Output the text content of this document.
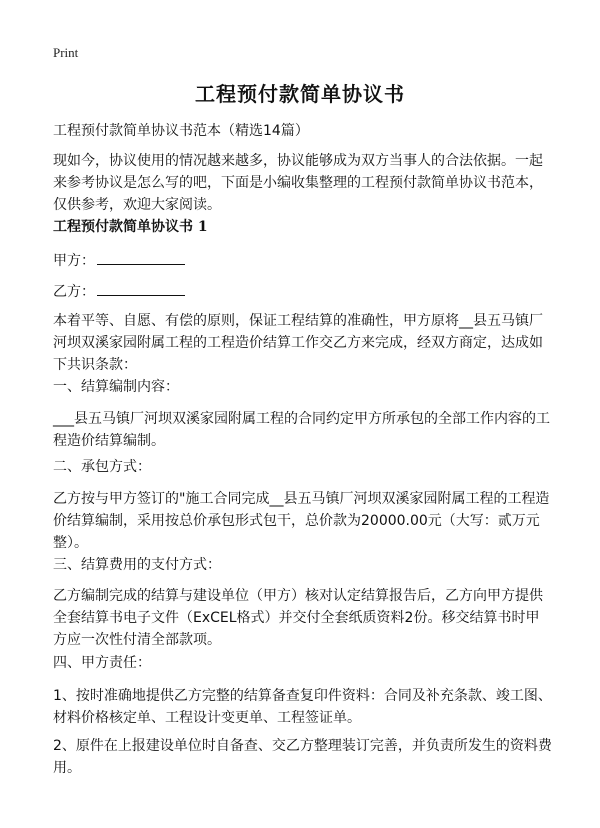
Print
工程预付款简单协议书

工程预付款简单协议书范本（精选14篇）

现如今，协议使用的情况越来越多，协议能够成为双方当事人的合法依据。一起来参考协议是怎么写的吧，下面是小编收集整理的工程预付款简单协议书范本，仅供参考，欢迎大家阅读。

工程预付款简单协议书 1

甲方：

乙方：

本着平等、自愿、有偿的原则，保证工程结算的准确性，甲方原将__县五马镇厂河坝双溪家园附属工程的工程造价结算工作交乙方来完成，经双方商定，达成如下共识条款：

一、结算编制内容：

___县五马镇厂河坝双溪家园附属工程的合同约定甲方所承包的全部工作内容的工程造价结算编制。

二、承包方式：

乙方按与甲方签订的"施工合同完成__县五马镇厂河坝双溪家园附属工程的工程造价结算编制，采用按总价承包形式包干，总价款为20000.00元（大写：贰万元整）。

三、结算费用的支付方式：

乙方编制完成的结算与建设单位（甲方）核对认定结算报告后，乙方向甲方提供全套结算书电子文件（ExCEL格式）并交付全套纸质资料2份。移交结算书时甲方应一次性付清全部款项。

四、甲方责任：

1、按时准确地提供乙方完整的结算备查复印件资料：合同及补充条款、竣工图、材料价格核定单、工程设计变更单、工程签证单。

2、原件在上报建设单位时自备查、交乙方整理装订完善，并负责所发生的资料费用。
